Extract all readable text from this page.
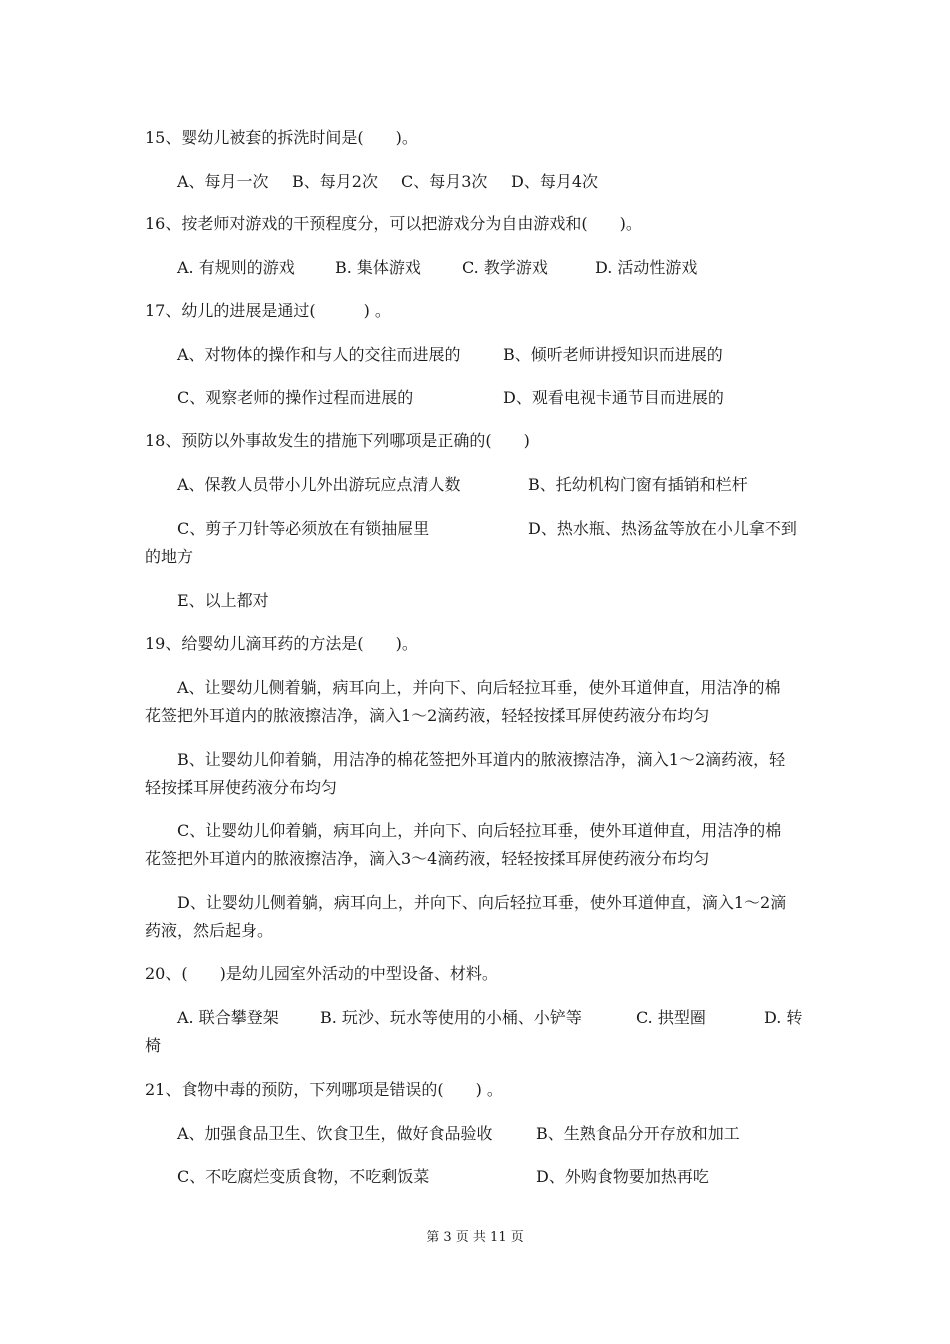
15、婴幼儿被套的拆洗时间是(　　)。
A、每月一次 B、每月2次 C、每月3次 D、每月4次
16、按老师对游戏的干预程度分，可以把游戏分为自由游戏和(　　)。
A. 有规则的游戏	B. 集体游戏	C. 教学游戏	D. 活动性游戏
17、幼儿的进展是通过(　　　) 。
A、对物体的操作和与人的交往而进展的	B、倾听老师讲授知识而进展的
C、观察老师的操作过程而进展的	D、观看电视卡通节目而进展的
18、预防以外事故发生的措施下列哪项是正确的(　　)
A、保教人员带小儿外出游玩应点清人数	B、托幼机构门窗有插销和栏杆
C、剪子刀针等必须放在有锁抽屉里	D、热水瓶、热汤盆等放在小儿拿不到
的地方
E、以上都对
19、给婴幼儿滴耳药的方法是(　　)。
A、让婴幼儿侧着躺，病耳向上，并向下、向后轻拉耳垂，使外耳道伸直，用洁净的棉
花签把外耳道内的脓液擦洁净，滴入1～2滴药液，轻轻按揉耳屏使药液分布均匀
B、让婴幼儿仰着躺，用洁净的棉花签把外耳道内的脓液擦洁净，滴入1～2滴药液，轻
轻按揉耳屏使药液分布均匀
C、让婴幼儿仰着躺，病耳向上，并向下、向后轻拉耳垂，使外耳道伸直，用洁净的棉
花签把外耳道内的脓液擦洁净，滴入3～4滴药液，轻轻按揉耳屏使药液分布均匀
D、让婴幼儿侧着躺，病耳向上，并向下、向后轻拉耳垂，使外耳道伸直，滴入1～2滴
药液，然后起身。
20、(　　)是幼儿园室外活动的中型设备、材料。
A. 联合攀登架	B. 玩沙、玩水等使用的小桶、小铲等	C. 拱型圈	D. 转
椅
21、食物中毒的预防，下列哪项是错误的(　　) 。
A、加强食品卫生、饮食卫生，做好食品验收	B、生熟食品分开存放和加工
C、不吃腐烂变质食物，不吃剩饭菜	D、外购食物要加热再吃
第 3 页 共 11 页
